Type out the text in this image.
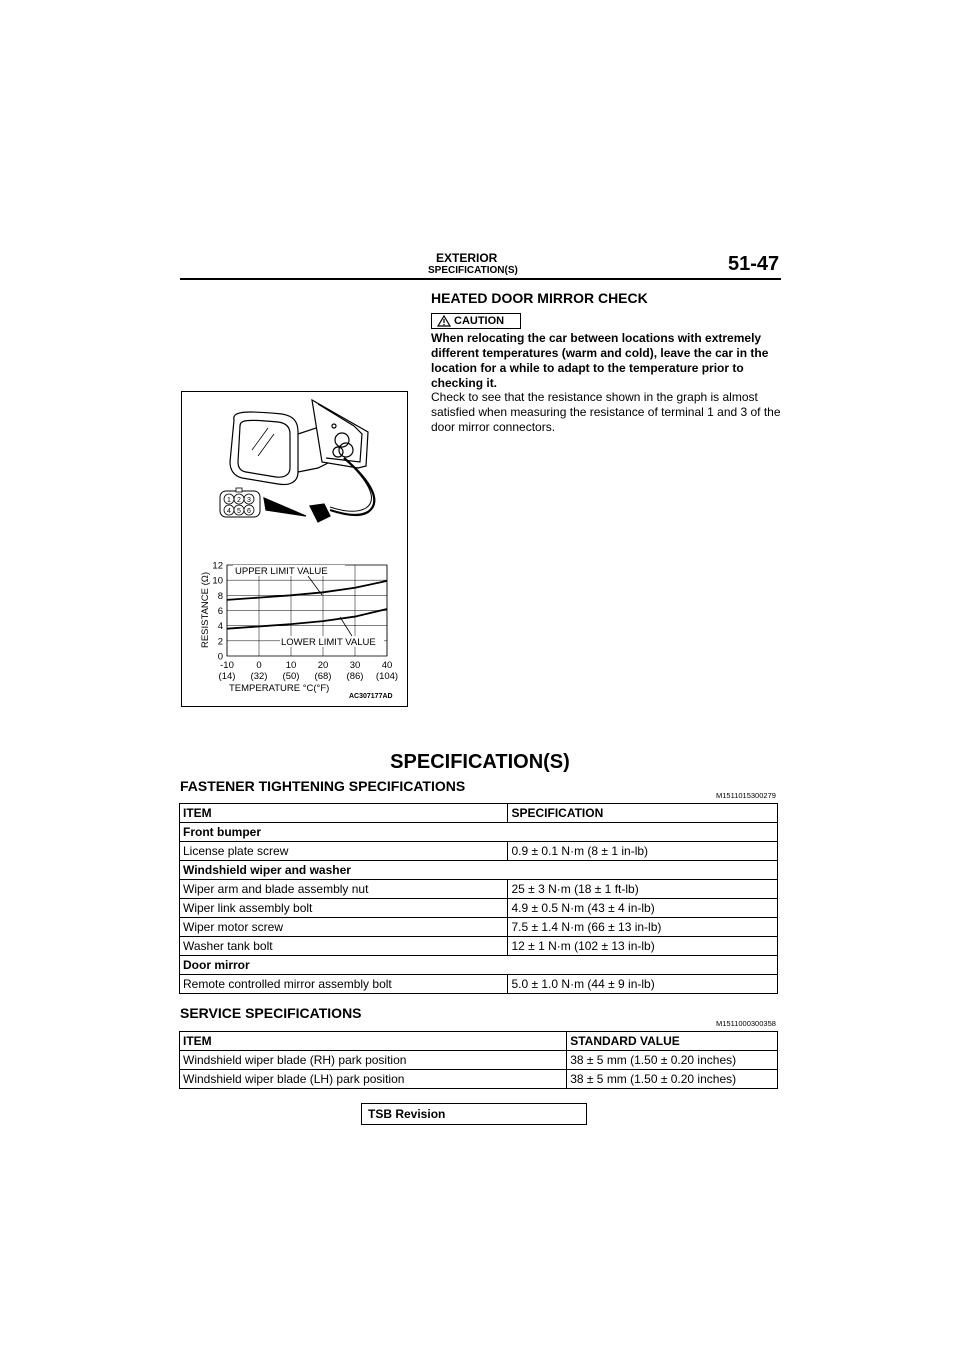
EXTERIOR
SPECIFICATION(S)	51-47
HEATED DOOR MIRROR CHECK
CAUTION
When relocating the car between locations with extremely different temperatures (warm and cold), leave the car in the location for a while to adapt to the temperature prior to checking it.
Check to see that the resistance shown in the graph is almost satisfied when measuring the resistance of terminal 1 and 3 of the door mirror connectors.
1 2 3
4 5 6
0
2
4
6
8
10
12
-10
(14)
0
(32)
10
(50)
20
(68)
30
(86)
40
(104)
UPPER LIMIT VALUE
LOWER LIMIT VALUE
RESISTANCE (Ω)
TEMPERATURE °C(°F)
AC307177AD
SPECIFICATION(S)
FASTENER TIGHTENING SPECIFICATIONS
M1511015300279
ITEM	SPECIFICATION
Front bumper	
License plate screw	0.9 ± 0.1 N·m (8 ± 1 in-lb)
Windshield wiper and washer	
Wiper arm and blade assembly nut	25 ± 3 N·m (18 ± 1 ft-lb)
Wiper link assembly bolt	4.9 ± 0.5 N·m (43 ± 4 in-lb)
Wiper motor screw	7.5 ± 1.4 N·m (66 ± 13 in-lb)
Washer tank bolt	12 ± 1 N·m (102 ± 13 in-lb)
Door mirror	
Remote controlled mirror assembly bolt	5.0 ± 1.0 N·m (44 ± 9 in-lb)
SERVICE SPECIFICATIONS
M1511000300358
ITEM	STANDARD VALUE
Windshield wiper blade (RH) park position	38 ± 5 mm (1.50 ± 0.20 inches)
Windshield wiper blade (LH) park position	38 ± 5 mm (1.50 ± 0.20 inches)
TSB Revision
